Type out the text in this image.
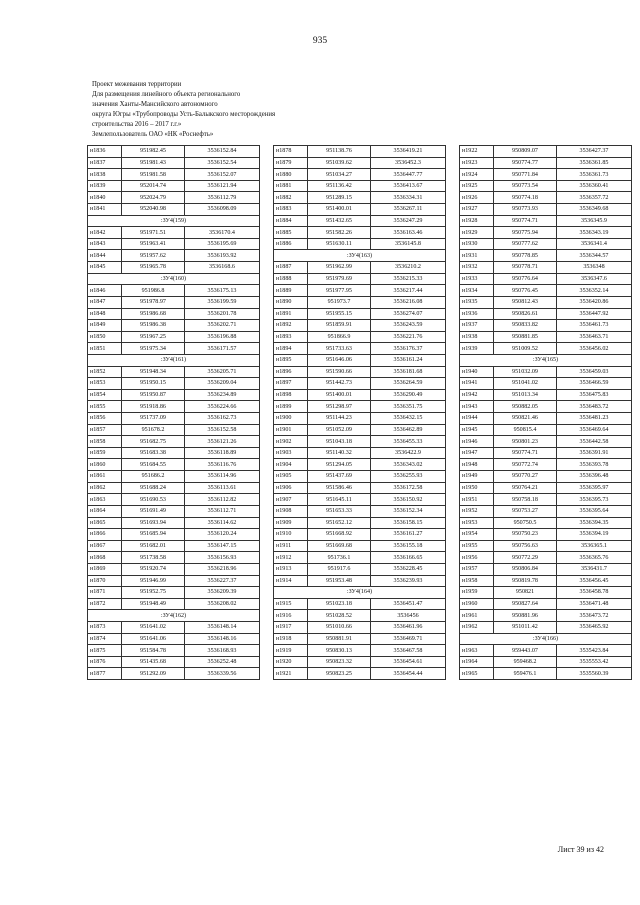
935
Проект межевания территории
Для размещения линейного объекта регионального
значения Ханты-Мансийского автономного
округа Югры «Трубопроводы Усть-Балыкского месторождения
строительства 2016 – 2017 г.г.»
Землепользователь ОАО «НК «Роснефть»
н1836	951982.45	3536152.84
н1837	951981.43	3536152.54
н1838	951981.58	3536152.07
н1839	952014.74	3536121.94
н1840	952024.79	3536112.79
н1841	952040.98	3536098.09
:ЗУ4(159)		
н1842	951971.51	3536170.4
н1843	951963.41	3536195.69
н1844	951957.62	3536193.92
н1845	951965.78	3536168.6
:ЗУ4(160)		
н1846	951986.8	3536175.13
н1847	951978.97	3536199.59
н1848	951986.68	3536201.78
н1849	951986.38	3536202.71
н1850	951967.25	3536196.88
н1851	951975.34	3536171.57
:ЗУ4(161)		
н1852	951948.34	3536205.71
н1853	951950.15	3536209.04
н1854	951950.87	3536234.89
н1855	951918.86	3536224.66
н1856	951737.09	3536162.73
н1857	951678.2	3536152.58
н1858	951682.75	3536121.26
н1859	951683.38	3536118.89
н1860	951684.55	3536116.76
н1861	951686.2	3536114.96
н1862	951688.24	3536113.61
н1863	951690.53	3536112.82
н1864	951691.49	3536112.71
н1865	951693.94	3536114.62
н1866	951685.94	3536120.24
н1867	951682.01	3536147.15
н1868	951738.58	3536156.93
н1869	951920.74	3536218.96
н1870	951946.99	3536227.37
н1871	951952.75	3536209.39
н1872	951948.49	3536208.02
:ЗУ4(162)		
н1873	951641.02	3536148.14
н1874	951641.06	3536148.16
н1875	951584.78	3536168.93
н1876	951435.68	3536252.48
н1877	951292.09	3536339.56
н1878	951138.76	3536419.21
н1879	951039.62	3536452.3
н1880	951034.27	3536447.77
н1881	951136.42	3536413.67
н1882	951289.15	3536334.31
н1883	951400.01	3536267.11
н1884	951432.65	3536247.29
н1885	951582.26	3536163.46
н1886	951630.11	3536145.8
:ЗУ4(163)		
н1887	951962.99	3536210.2
н1888	951979.69	3536215.33
н1889	951977.95	3536217.44
н1890	951973.7	3536216.08
н1891	951955.15	3536274.07
н1892	951859.91	3536243.59
н1893	951866.9	3536221.76
н1894	951733.63	3536176.37
н1895	951646.06	3536161.24
н1896	951590.66	3536181.68
н1897	951442.73	3536264.59
н1898	951400.01	3536290.49
н1899	951298.97	3536351.75
н1900	951144.23	3536432.15
н1901	951052.09	3536462.89
н1902	951043.18	3536455.33
н1903	951140.32	3536422.9
н1904	951294.05	3536343.02
н1905	951437.69	3536255.93
н1906	951586.46	3536172.58
н1907	951645.11	3536150.92
н1908	951653.33	3536152.34
н1909	951652.12	3536158.15
н1910	951668.92	3536161.27
н1911	951669.68	3536155.18
н1912	951736.1	3536166.65
н1913	951917.6	3536228.45
н1914	951953.48	3536239.93
:ЗУ4(164)		
н1915	951023.18	3536451.47
н1916	951028.52	3536456
н1917	951010.66	3536461.96
н1918	950881.91	3536469.71
н1919	950830.13	3536467.58
н1920	950823.32	3536454.61
н1921	950823.25	3536454.44
н1922	950809.07	3536427.37
н1923	950774.77	3536361.85
н1924	950771.84	3536361.73
н1925	950773.54	3536360.41
н1926	950774.18	3536357.72
н1927	950773.93	3536349.68
н1928	950774.71	3536345.9
н1929	950775.94	3536343.19
н1930	950777.62	3536341.4
н1931	950778.85	3536344.57
н1932	950778.71	3536348
н1933	950776.64	3536347.6
н1934	950776.45	3536352.14
н1935	950812.43	3536420.86
н1936	950826.61	3536447.92
н1937	950833.82	3536461.73
н1938	950881.85	3536463.71
н1939	951009.52	3536456.02
:ЗУ4(165)		
н1940	951032.09	3536459.03
н1941	951041.02	3536466.59
н1942	951013.34	3536475.83
н1943	950882.05	3536483.72
н1944	950821.46	3536481.23
н1945	950815.4	3536469.64
н1946	950801.23	3536442.58
н1947	950774.71	3536391.91
н1948	950772.74	3536393.78
н1949	950770.27	3536396.48
н1950	950764.21	3536395.97
н1951	950758.18	3536395.73
н1952	950753.27	3536395.64
н1953	950750.5	3536394.35
н1954	950750.23	3536394.19
н1955	950756.63	3536365.1
н1956	950772.29	3536365.76
н1957	950806.84	3536431.7
н1958	950819.78	3536456.45
н1959	950821	3536458.78
н1960	950827.64	3536471.48
н1961	950881.96	3536473.72
н1962	951011.42	3536465.92
:ЗУ4(166)		
н1963	959443.07	3535423.84
н1964	959468.2	3535553.42
н1965	959476.1	3535560.39
Лист 39 из 42
